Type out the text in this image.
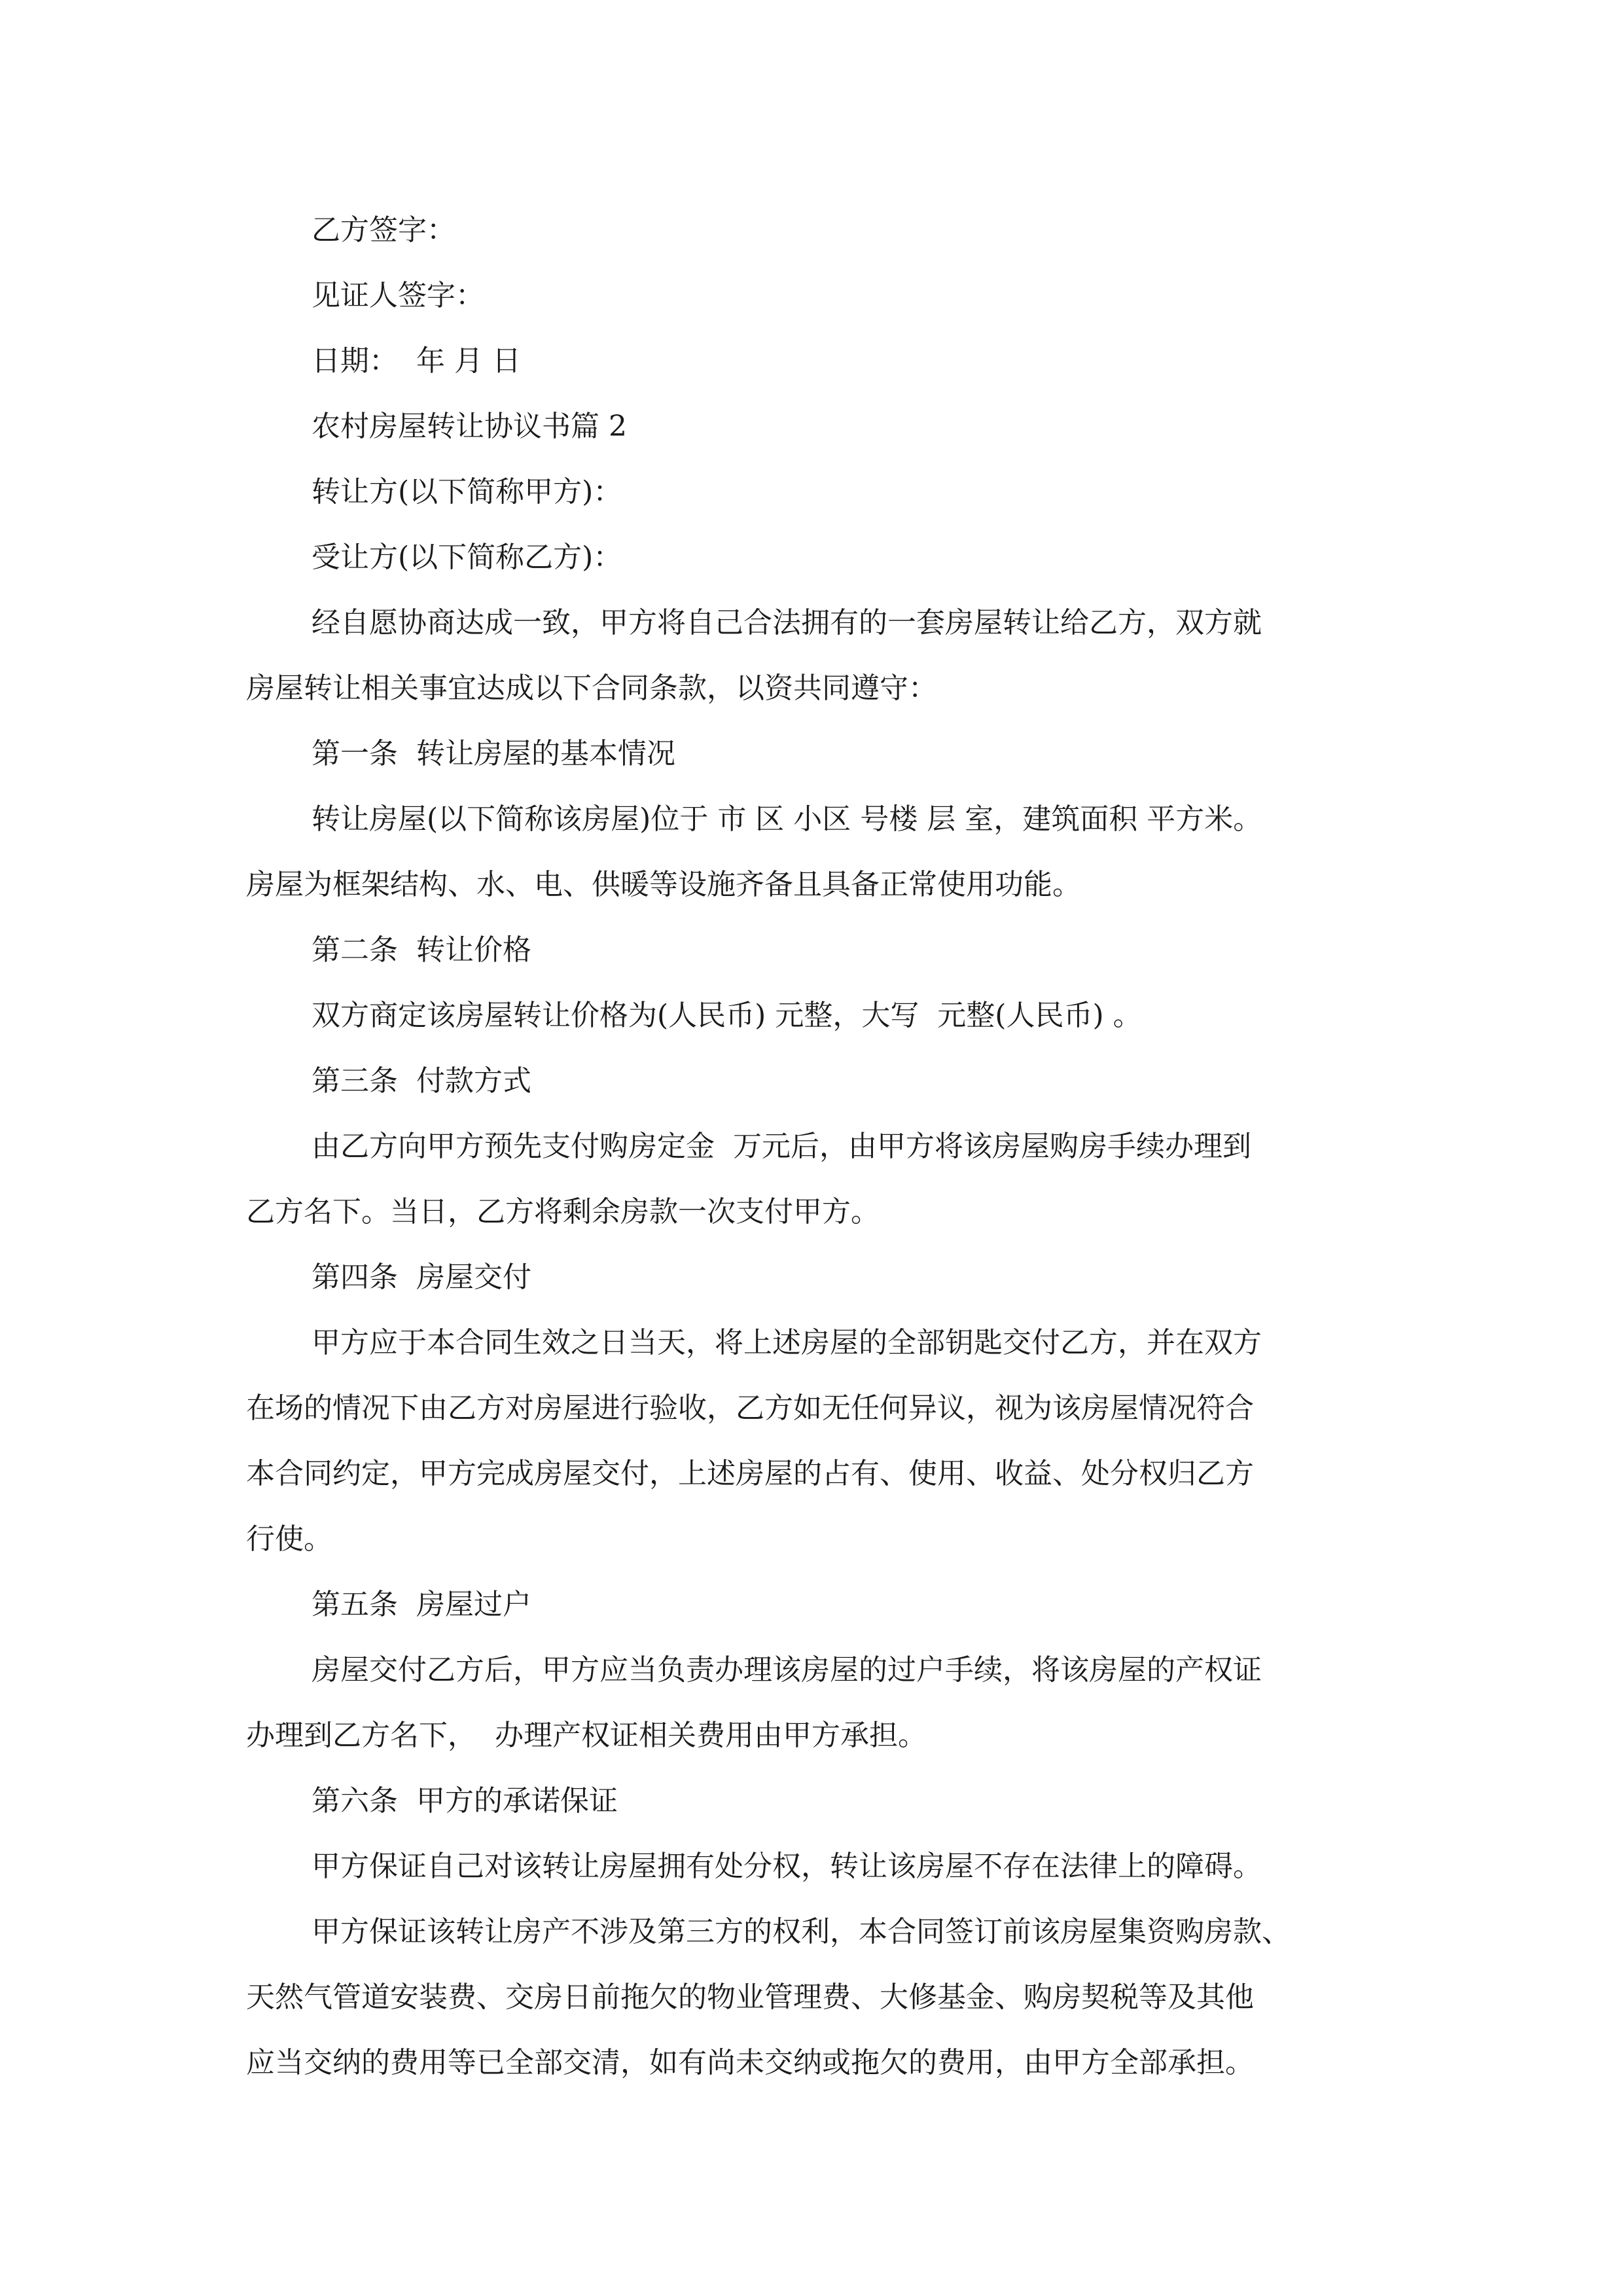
乙方签字：

见证人签字：

日期：  年 月 日

农村房屋转让协议书篇 2

转让方(以下简称甲方)：

受让方(以下简称乙方)：

经自愿协商达成一致，甲方将自己合法拥有的一套房屋转让给乙方，双方就

房屋转让相关事宜达成以下合同条款，以资共同遵守：

第一条  转让房屋的基本情况

转让房屋(以下简称该房屋)位于 市 区 小区 号楼 层 室，建筑面积 平方米。

房屋为框架结构、水、电、供暖等设施齐备且具备正常使用功能。

第二条  转让价格

双方商定该房屋转让价格为(人民币) 元整，大写  元整(人民币) 。

第三条  付款方式

由乙方向甲方预先支付购房定金  万元后，由甲方将该房屋购房手续办理到

乙方名下。当日，乙方将剩余房款一次支付甲方。

第四条  房屋交付

甲方应于本合同生效之日当天，将上述房屋的全部钥匙交付乙方，并在双方

在场的情况下由乙方对房屋进行验收，乙方如无任何异议，视为该房屋情况符合

本合同约定，甲方完成房屋交付，上述房屋的占有、使用、收益、处分权归乙方

行使。

第五条  房屋过户

房屋交付乙方后，甲方应当负责办理该房屋的过户手续，将该房屋的产权证

办理到乙方名下，  办理产权证相关费用由甲方承担。

第六条  甲方的承诺保证

甲方保证自己对该转让房屋拥有处分权，转让该房屋不存在法律上的障碍。

甲方保证该转让房产不涉及第三方的权利，本合同签订前该房屋集资购房款、

天然气管道安装费、交房日前拖欠的物业管理费、大修基金、购房契税等及其他

应当交纳的费用等已全部交清，如有尚未交纳或拖欠的费用，由甲方全部承担。
